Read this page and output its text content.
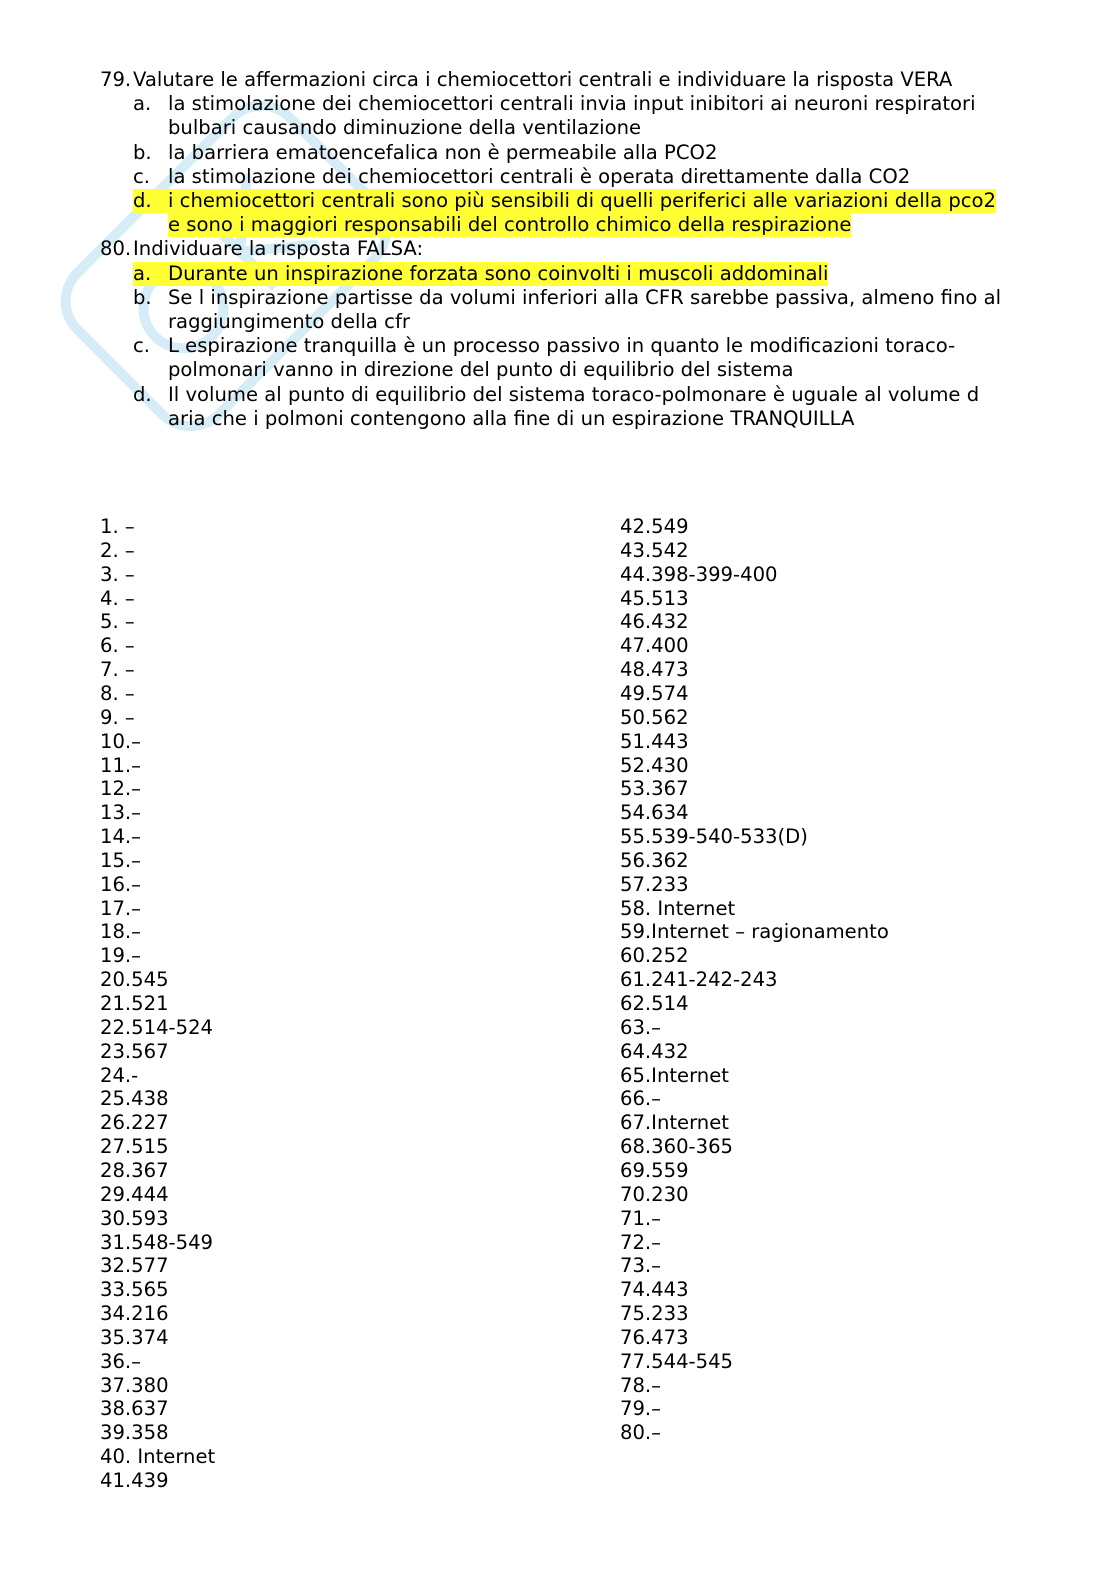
79. Valutare le affermazioni circa i chemiocettori centrali e individuare la risposta VERA
a. la stimolazione dei chemiocettori centrali invia input inibitori ai neuroni respiratori
bulbari causando diminuzione della ventilazione
b. la barriera ematoencefalica non è permeabile alla PCO2
c. la stimolazione dei chemiocettori centrali è operata direttamente dalla CO2
d. i chemiocettori centrali sono più sensibili di quelli periferici alle variazioni della pco2
e sono i maggiori responsabili del controllo chimico della respirazione
80. Individuare la risposta FALSA:
a. Durante un inspirazione forzata sono coinvolti i muscoli addominali
b. Se l inspirazione partisse da volumi inferiori alla CFR sarebbe passiva, almeno fino al
raggiungimento della cfr
c. L espirazione tranquilla è un processo passivo in quanto le modificazioni toraco-
polmonari vanno in direzione del punto di equilibrio del sistema
d. Il volume al punto di equilibrio del sistema toraco-polmonare è uguale al volume d
aria che i polmoni contengono alla fine di un espirazione TRANQUILLA
1. –
2. –
3. –
4. –
5. –
6. –
7. –
8. –
9. –
10.–
11.–
12.–
13.–
14.–
15.–
16.–
17.–
18.–
19.–
20.545
21.521
22.514-524
23.567
24.-
25.438
26.227
27.515
28.367
29.444
30.593
31.548-549
32.577
33.565
34.216
35.374
36.–
37.380
38.637
39.358
40. Internet
41.439
42.549
43.542
44.398-399-400
45.513
46.432
47.400
48.473
49.574
50.562
51.443
52.430
53.367
54.634
55.539-540-533(D)
56.362
57.233
58. Internet
59.Internet – ragionamento
60.252
61.241-242-243
62.514
63.–
64.432
65.Internet
66.–
67.Internet
68.360-365
69.559
70.230
71.–
72.–
73.–
74.443
75.233
76.473
77.544-545
78.–
79.–
80.–
